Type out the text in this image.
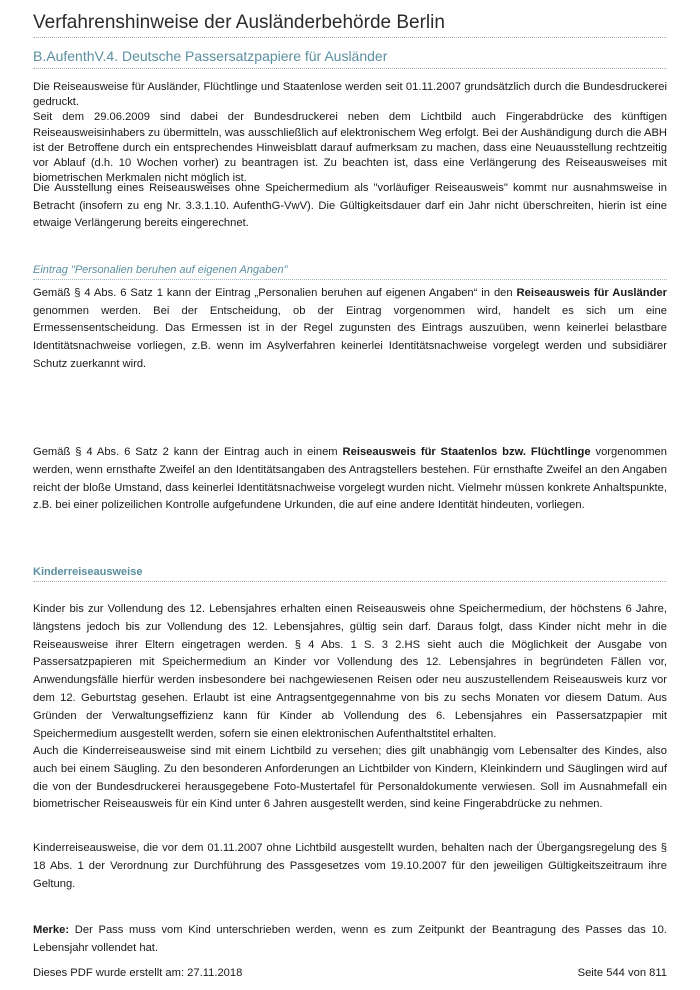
Verfahrenshinweise der Ausländerbehörde Berlin
B.AufenthV.4. Deutsche Passersatzpapiere für Ausländer
Die Reiseausweise für Ausländer, Flüchtlinge und Staatenlose werden seit 01.11.2007 grundsätzlich durch die Bundesdruckerei gedruckt.
Seit dem 29.06.2009 sind dabei der Bundesdruckerei neben dem Lichtbild auch Fingerabdrücke des künftigen Reiseausweisinhabers zu übermitteln, was ausschließlich auf elektronischem Weg erfolgt. Bei der Aushändigung durch die ABH ist der Betroffene durch ein entsprechendes Hinweisblatt darauf aufmerksam zu machen, dass eine Neuausstellung rechtzeitig vor Ablauf (d.h. 10 Wochen vorher) zu beantragen ist. Zu beachten ist, dass eine Verlängerung des Reiseausweises mit biometrischen Merkmalen nicht möglich ist.
Die Ausstellung eines Reiseausweises ohne Speichermedium als "vorläufiger Reiseausweis" kommt nur ausnahmsweise in Betracht (insofern zu eng Nr. 3.3.1.10. AufenthG-VwV). Die Gültigkeitsdauer darf ein Jahr nicht überschreiten, hierin ist eine etwaige Verlängerung bereits eingerechnet.
Eintrag "Personalien beruhen auf eigenen Angaben"
Gemäß § 4 Abs. 6 Satz 1 kann der Eintrag „Personalien beruhen auf eigenen Angaben“ in den Reiseausweis für Ausländer genommen werden. Bei der Entscheidung, ob der Eintrag vorgenommen wird, handelt es sich um eine Ermessensentscheidung. Das Ermessen ist in der Regel zugunsten des Eintrags auszuüben, wenn keinerlei belastbare Identitätsnachweise vorliegen, z.B. wenn im Asylverfahren keinerlei Identitätsnachweise vorgelegt werden und subsidiärer Schutz zuerkannt wird.
Gemäß § 4 Abs. 6 Satz 2 kann der Eintrag auch in einem Reiseausweis für Staatenlos bzw. Flüchtlinge vorgenommen werden, wenn ernsthafte Zweifel an den Identitätsangaben des Antragstellers bestehen. Für ernsthafte Zweifel an den Angaben reicht der bloße Umstand, dass keinerlei Identitätsnachweise vorgelegt wurden nicht. Vielmehr müssen konkrete Anhaltspunkte, z.B. bei einer polizeilichen Kontrolle aufgefundene Urkunden, die auf eine andere Identität hindeuten, vorliegen.
Kinderreiseausweise
Kinder bis zur Vollendung des 12. Lebensjahres erhalten einen Reiseausweis ohne Speichermedium, der höchstens 6 Jahre, längstens jedoch bis zur Vollendung des 12. Lebensjahres, gültig sein darf. Daraus folgt, dass Kinder nicht mehr in die Reiseausweise ihrer Eltern eingetragen werden. § 4 Abs. 1 S. 3 2.HS sieht auch die Möglichkeit der Ausgabe von Passersatzpapieren mit Speichermedium an Kinder vor Vollendung des 12. Lebensjahres in begründeten Fällen vor, Anwendungsfälle hierfür werden insbesondere bei nachgewiesenen Reisen oder neu auszustellendem Reiseausweis kurz vor dem 12. Geburtstag gesehen. Erlaubt ist eine Antragsentgegennahme von bis zu sechs Monaten vor diesem Datum. Aus Gründen der Verwaltungseffizienz kann für Kinder ab Vollendung des 6. Lebensjahres ein Passersatzpapier mit Speichermedium ausgestellt werden, sofern sie einen elektronischen Aufenthaltstitel erhalten.
Auch die Kinderreiseausweise sind mit einem Lichtbild zu versehen; dies gilt unabhängig vom Lebensalter des Kindes, also auch bei einem Säugling. Zu den besonderen Anforderungen an Lichtbilder von Kindern, Kleinkindern und Säuglingen wird auf die von der Bundesdruckerei herausgegebene Foto-Mustertafel für Personaldokumente verwiesen. Soll im Ausnahmefall ein biometrischer Reiseausweis für ein Kind unter 6 Jahren ausgestellt werden, sind keine Fingerabdrücke zu nehmen.
Kinderreiseausweise, die vor dem 01.11.2007 ohne Lichtbild ausgestellt wurden, behalten nach der Übergangsregelung des § 18 Abs. 1 der Verordnung zur Durchführung des Passgesetzes vom 19.10.2007 für den jeweiligen Gültigkeitszeitraum ihre Geltung.
Merke: Der Pass muss vom Kind unterschrieben werden, wenn es zum Zeitpunkt der Beantragung des Passes das 10. Lebensjahr vollendet hat.
Dieses PDF wurde erstellt am: 27.11.2018	Seite 544 von 811
